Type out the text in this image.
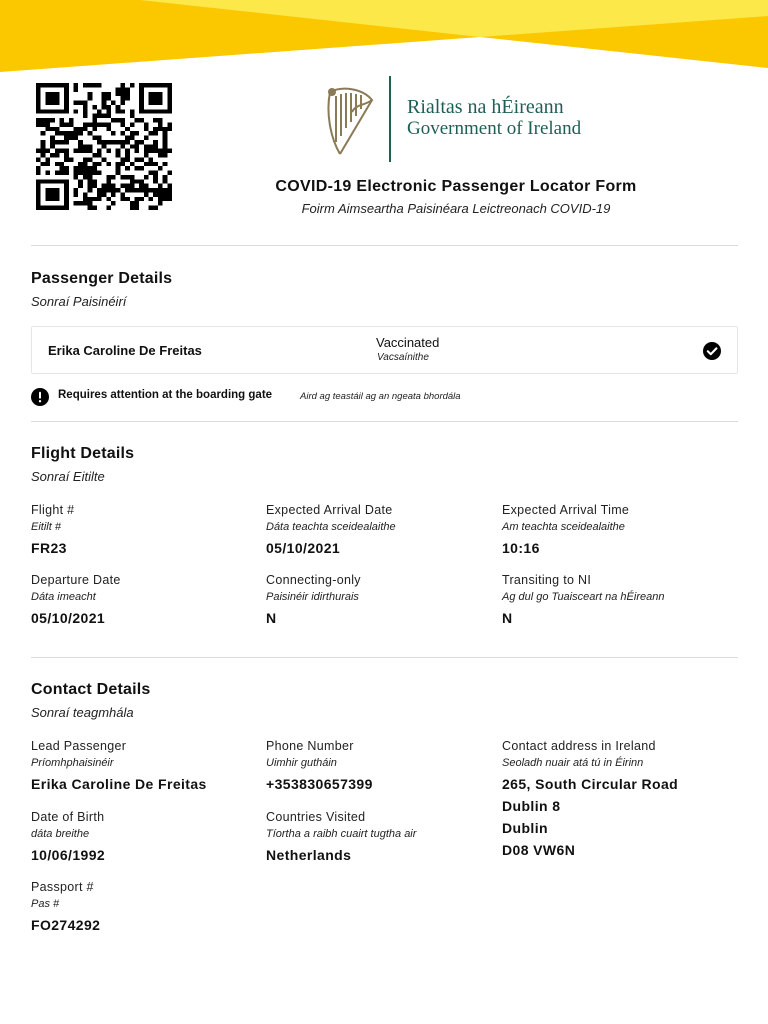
Rialtas na hÉireann
Government of Ireland
COVID-19 Electronic Passenger Locator Form
Foirm Aimseartha Paisinéara Leictreonach COVID-19
Passenger Details
Sonraí Paisinéirí
Erika Caroline De Freitas
Vaccinated
Vacsaínithe
Requires attention at the boarding gate	Aird ag teastáil ag an ngeata bhordála
Flight Details
Sonraí Eitilte
Flight #
Eitilt #
FR23
Expected Arrival Date
Dáta teachta sceidealaithe
05/10/2021
Expected Arrival Time
Am teachta sceidealaithe
10:16
Departure Date
Dáta imeacht
05/10/2021
Connecting-only
Paisinéir idirthurais
N
Transiting to NI
Ag dul go Tuaisceart na hÉireann
N
Contact Details
Sonraí teagmhála
Lead Passenger
Príomhphaisinéir
Erika Caroline De Freitas
Phone Number
Uimhir gutháin
+353830657399
Contact address in Ireland
Seoladh nuair atá tú in Éirinn
265, South Circular Road
Dublin 8
Dublin
D08 VW6N
Date of Birth
dáta breithe
10/06/1992
Countries Visited
Tíortha a raibh cuairt tugtha air
Netherlands
Passport #
Pas #
FO274292
